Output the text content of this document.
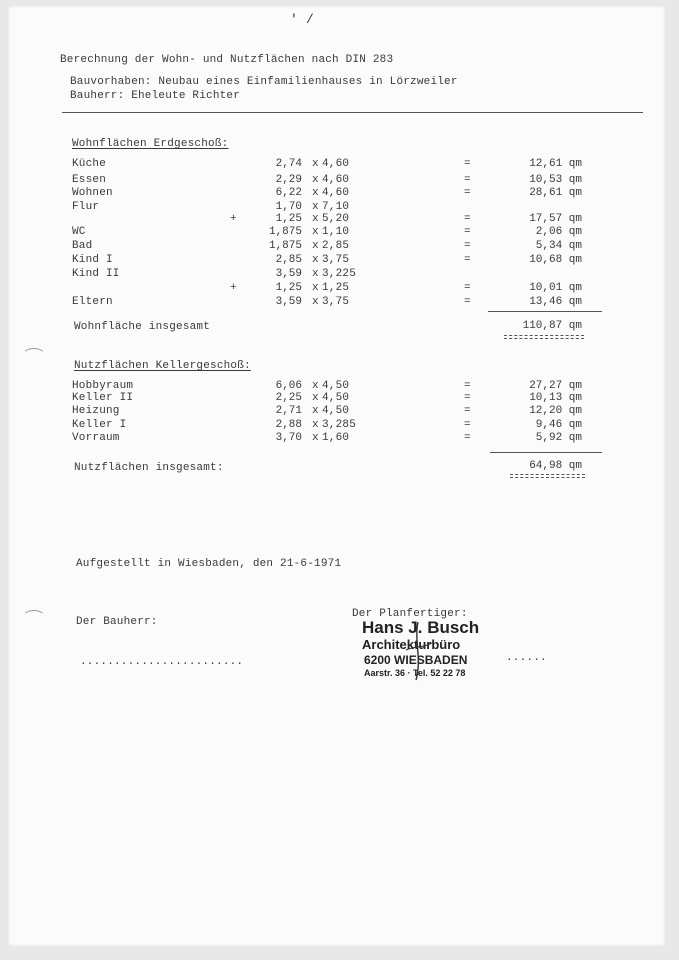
' /
Berechnung der Wohn- und Nutzflächen nach DIN 283
Bauvorhaben: Neubau eines Einfamilienhauses in Lörzweiler
Bauherr: Eheleute Richter
Wohnflächen Erdgeschoß:
Küche	2,74 x 4,60	=	12,61 qm
Essen	2,29 x 4,60	=	10,53 qm
Wohnen	6,22 x 4,60	=	28,61 qm
Flur	1,70 x 7,10
+	1,25 x 5,20	=	17,57 qm
WC	1,875 x 1,10	=	2,06 qm
Bad	1,875 x 2,85	=	5,34 qm
Kind I	2,85 x 3,75	=	10,68 qm
Kind II	3,59 x 3,225
+	1,25 x 1,25	=	10,01 qm
Eltern	3,59 x 3,75	=	13,46 qm
Wohnfläche insgesamt	110,87 qm
Nutzflächen Kellergeschoß:
Hobbyraum	6,06 x 4,50	=	27,27 qm
Keller II	2,25 x 4,50	=	10,13 qm
Heizung	2,71 x 4,50	=	12,20 qm
Keller I	2,88 x 3,285	=	9,46 qm
Vorraum	3,70 x 1,60	=	5,92 qm
Nutzflächen insgesamt:	64,98 qm
Aufgestellt in Wiesbaden, den 21-6-1971
Der Bauherr:
........................
Der Planfertiger:
......
Hans J. Busch
Architekturbüro
6200 WIESBADEN
Aarstr. 36 · Tel. 52 22 78
